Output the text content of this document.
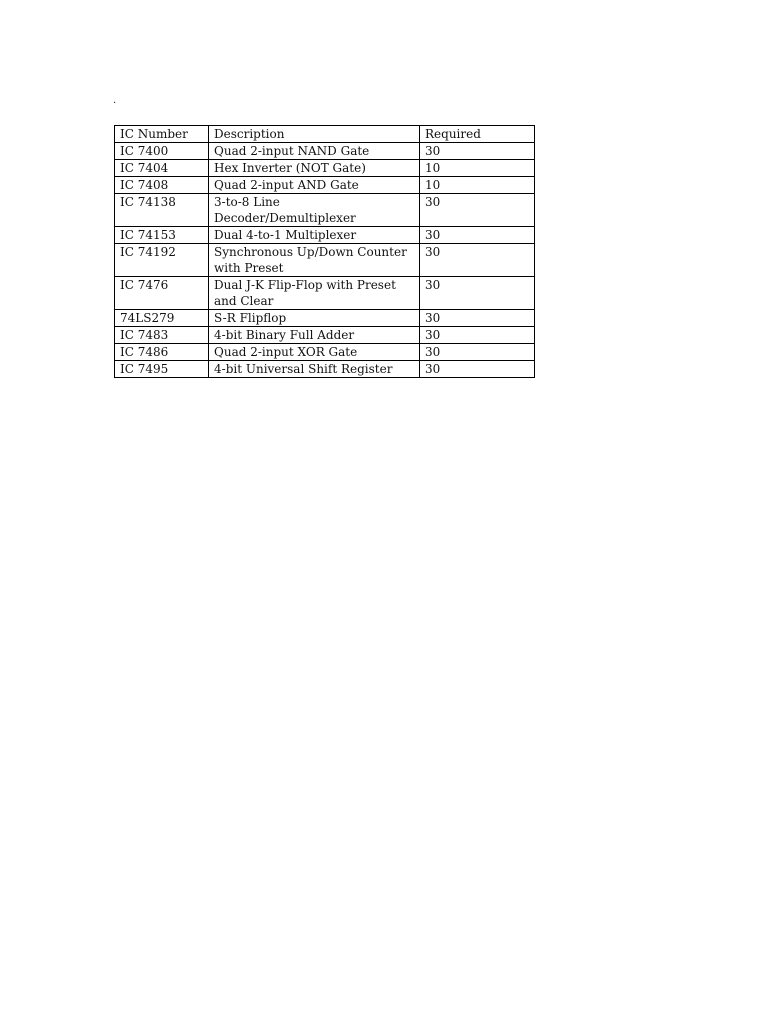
.
IC Number	Description	Required
IC 7400	Quad 2-input NAND Gate	30
IC 7404	Hex Inverter (NOT Gate)	10
IC 7408	Quad 2-input AND Gate	10
IC 74138	3-to-8 Line Decoder/Demultiplexer	30
IC 74153	Dual 4-to-1 Multiplexer	30
IC 74192	Synchronous Up/Down Counter with Preset	30
IC 7476	Dual J-K Flip-Flop with Preset and Clear	30
74LS279	S-R Flipflop	30
IC 7483	4-bit Binary Full Adder	30
IC 7486	Quad 2-input XOR Gate	30
IC 7495	4-bit Universal Shift Register	30
